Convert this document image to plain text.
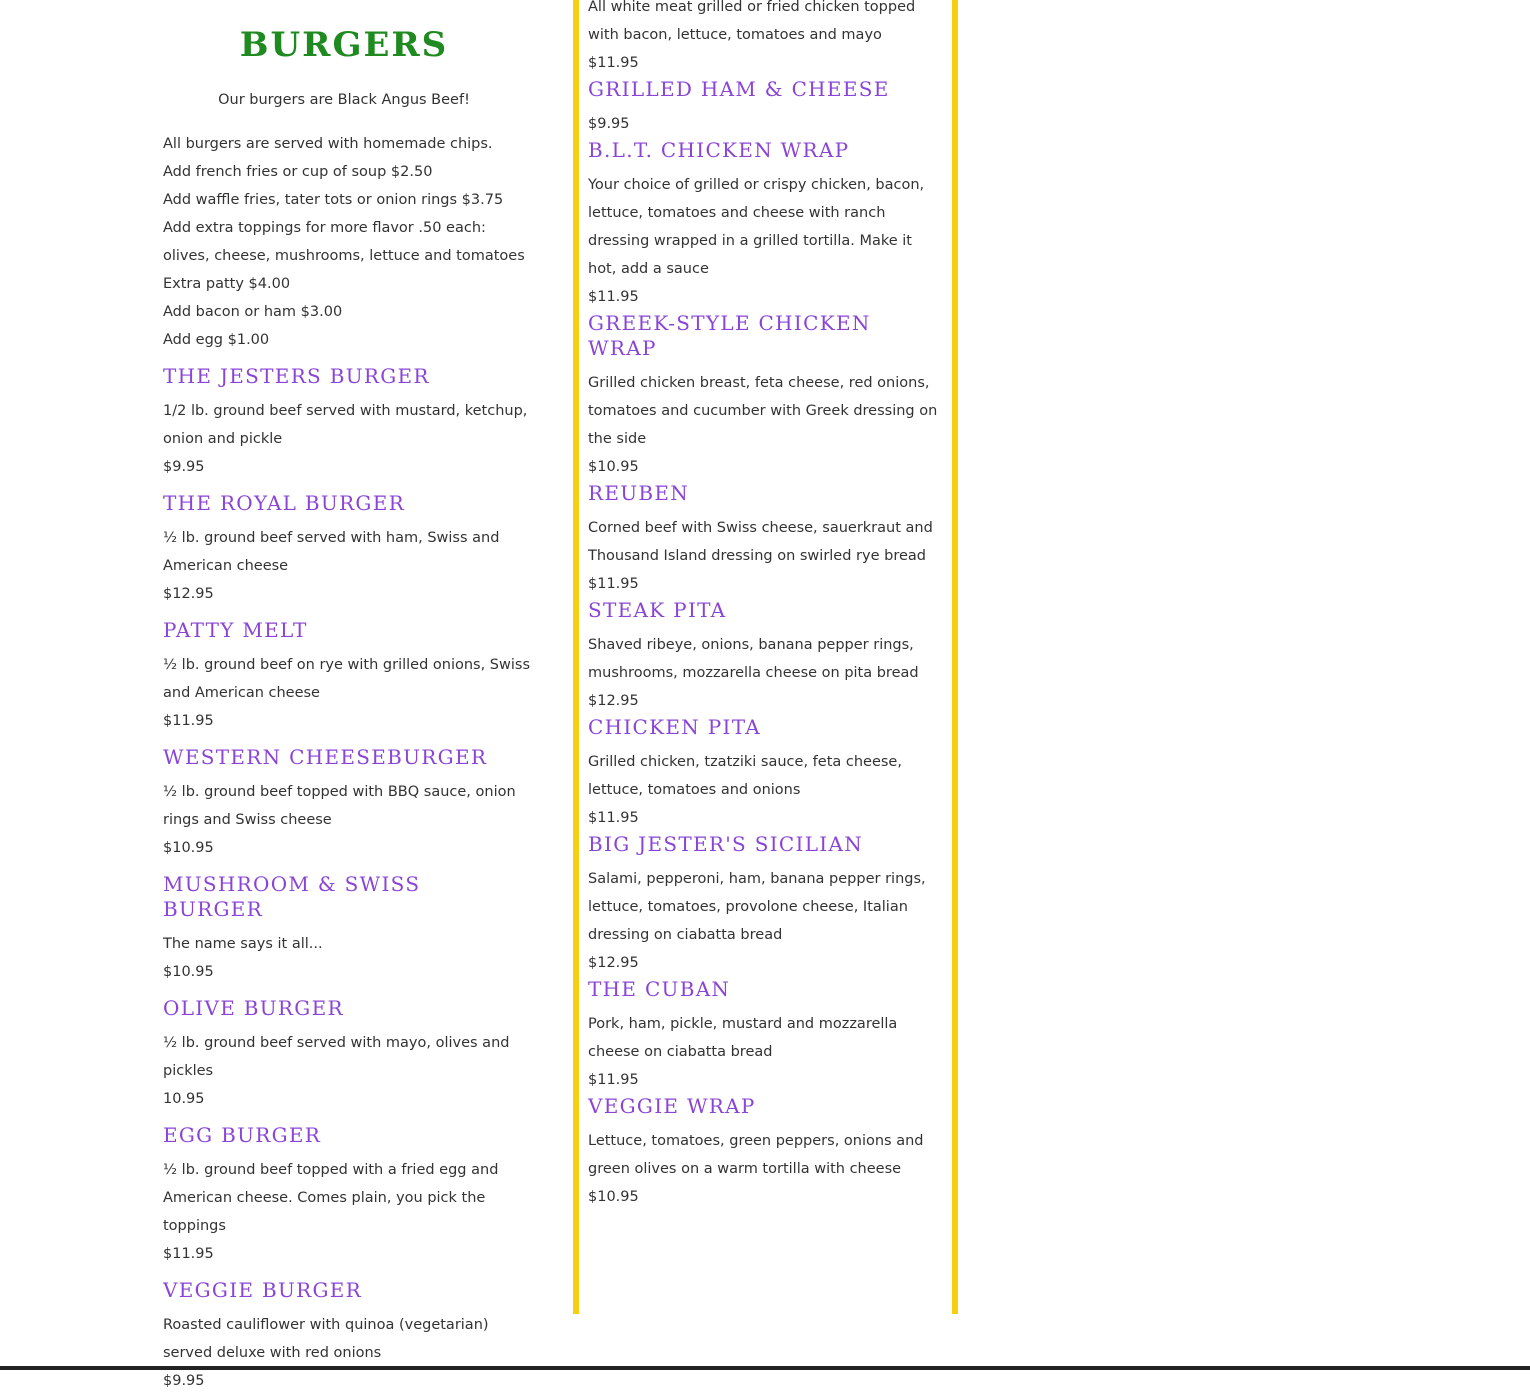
BURGERS
Our burgers are Black Angus Beef!
All burgers are served with homemade chips.
Add french fries or cup of soup $2.50
Add waffle fries, tater tots or onion rings $3.75
Add extra toppings for more flavor .50 each:
olives, cheese, mushrooms, lettuce and tomatoes
Extra patty $4.00
Add bacon or ham $3.00
Add egg $1.00
THE JESTERS BURGER
1/2 lb. ground beef served with mustard, ketchup, onion and pickle
$9.95
THE ROYAL BURGER
½ lb. ground beef served with ham, Swiss and American cheese
$12.95
PATTY MELT
½ lb. ground beef on rye with grilled onions, Swiss and American cheese
$11.95
WESTERN CHEESEBURGER
½ lb. ground beef topped with BBQ sauce, onion rings and Swiss cheese
$10.95
MUSHROOM & SWISS BURGER
The name says it all...
$10.95
OLIVE BURGER
½ lb. ground beef served with mayo, olives and pickles
10.95
EGG BURGER
½ lb. ground beef topped with a fried egg and American cheese. Comes plain, you pick the toppings
$11.95
VEGGIE BURGER
Roasted cauliflower with quinoa (vegetarian) served deluxe with red onions
$9.95
All white meat grilled or fried chicken topped with bacon, lettuce, tomatoes and mayo
$11.95
GRILLED HAM & CHEESE
$9.95
B.L.T. CHICKEN WRAP
Your choice of grilled or crispy chicken, bacon, lettuce, tomatoes and cheese with ranch dressing wrapped in a grilled tortilla. Make it hot, add a sauce
$11.95
GREEK-STYLE CHICKEN WRAP
Grilled chicken breast, feta cheese, red onions, tomatoes and cucumber with Greek dressing on the side
$10.95
REUBEN
Corned beef with Swiss cheese, sauerkraut and Thousand Island dressing on swirled rye bread
$11.95
STEAK PITA
Shaved ribeye, onions, banana pepper rings, mushrooms, mozzarella cheese on pita bread
$12.95
CHICKEN PITA
Grilled chicken, tzatziki sauce, feta cheese, lettuce, tomatoes and onions
$11.95
BIG JESTER'S SICILIAN
Salami, pepperoni, ham, banana pepper rings, lettuce, tomatoes, provolone cheese, Italian dressing on ciabatta bread
$12.95
THE CUBAN
Pork, ham, pickle, mustard and mozzarella cheese on ciabatta bread
$11.95
VEGGIE WRAP
Lettuce, tomatoes, green peppers, onions and green olives on a warm tortilla with cheese
$10.95
